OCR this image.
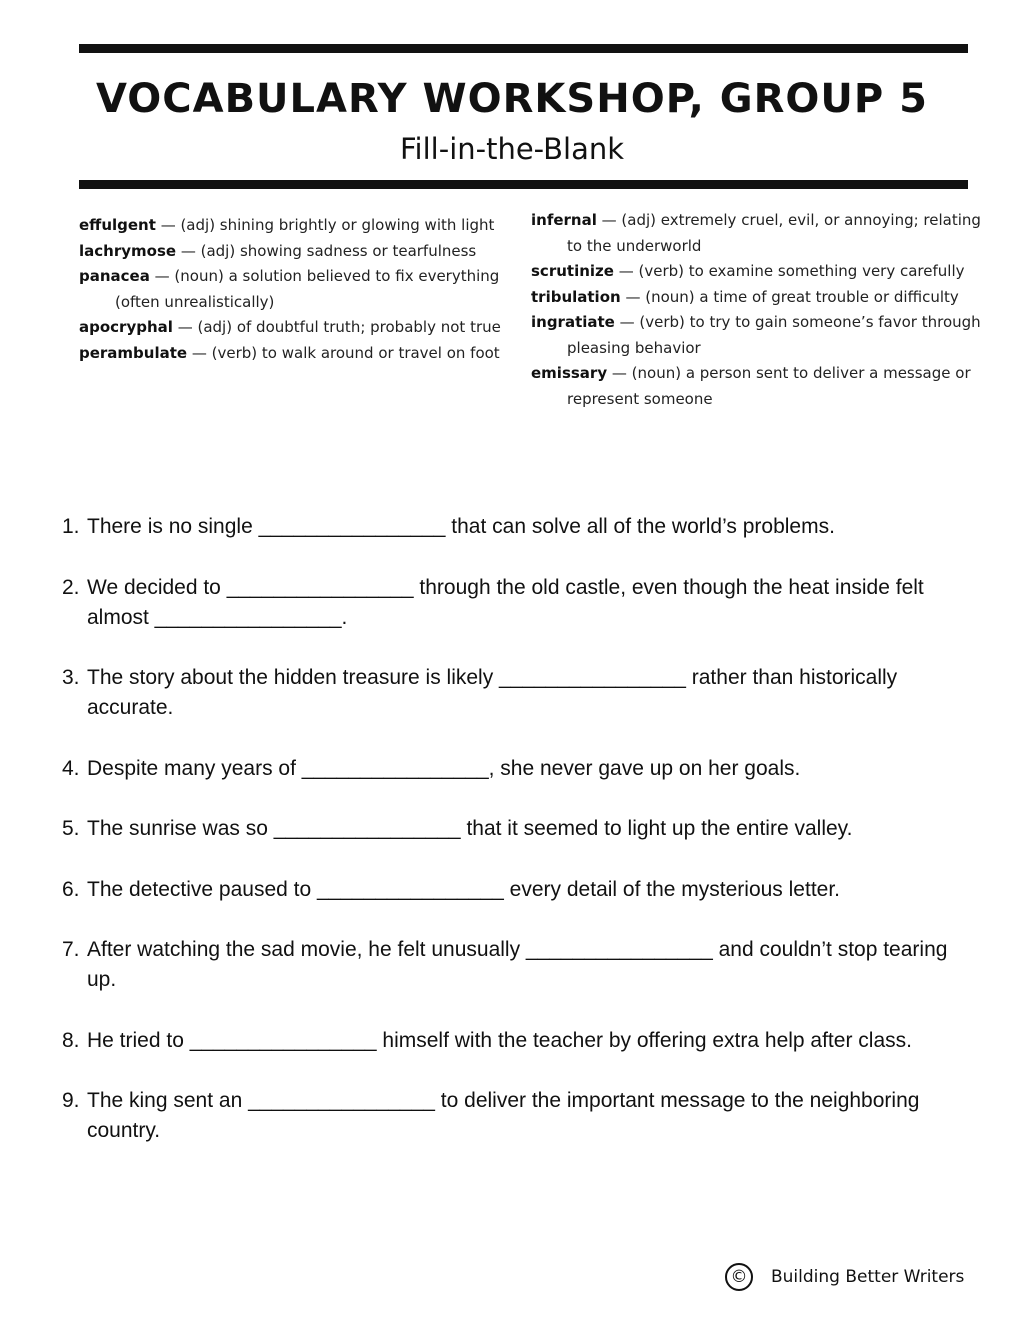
VOCABULARY WORKSHOP, GROUP 5
Fill-in-the-Blank
effulgent — (adj) shining brightly or glowing with light
lachrymose — (adj) showing sadness or tearfulness
panacea — (noun) a solution believed to fix everything (often unrealistically)
apocryphal — (adj) of doubtful truth; probably not true
perambulate — (verb) to walk around or travel on foot
infernal — (adj) extremely cruel, evil, or annoying; relating to the underworld
scrutinize — (verb) to examine something very carefully
tribulation — (noun) a time of great trouble or difficulty
ingratiate — (verb) to try to gain someone’s favor through pleasing behavior
emissary — (noun) a person sent to deliver a message or represent someone
1. There is no single ________________ that can solve all of the world’s problems.
2. We decided to ________________ through the old castle, even though the heat inside felt almost ________________.
3. The story about the hidden treasure is likely ________________ rather than historically accurate.
4. Despite many years of ________________, she never gave up on her goals.
5. The sunrise was so ________________ that it seemed to light up the entire valley.
6. The detective paused to ________________ every detail of the mysterious letter.
7. After watching the sad movie, he felt unusually ________________ and couldn’t stop tearing up.
8. He tried to ________________ himself with the teacher by offering extra help after class.
9. The king sent an ________________ to deliver the important message to the neighboring country.
©	Building Better Writers
